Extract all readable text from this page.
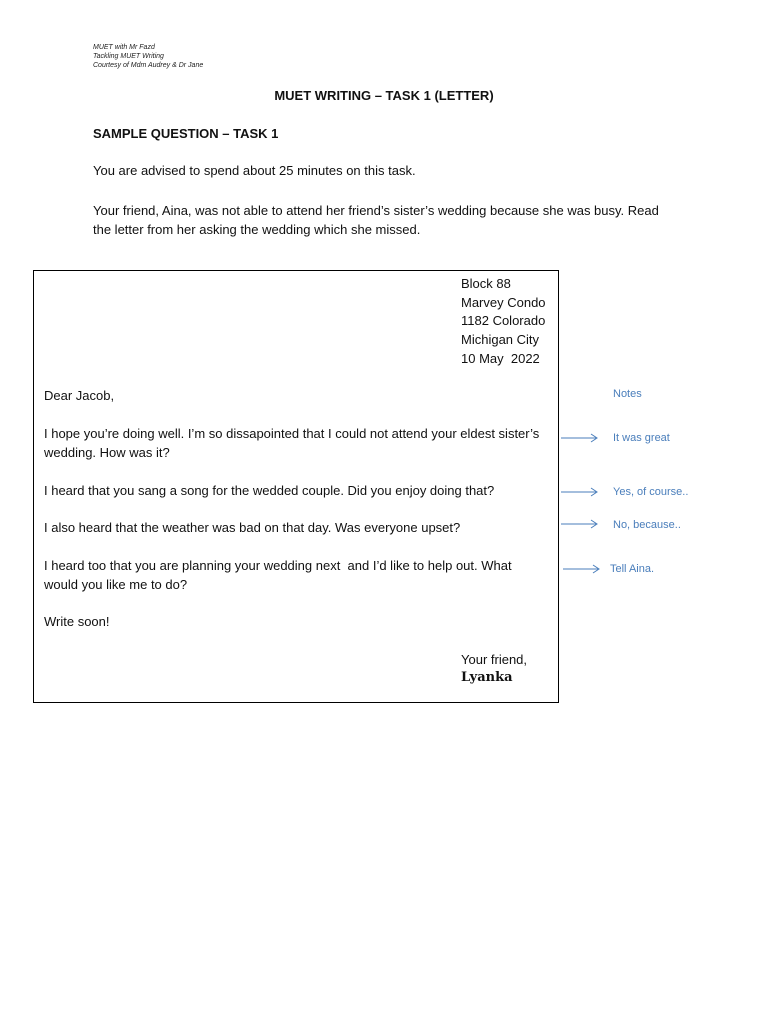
MUET with Mr Fazd
Tackling MUET Writing
Courtesy of Mdm Audrey & Dr Jane
MUET WRITING – TASK 1 (LETTER)
SAMPLE QUESTION – TASK 1
You are advised to spend about 25 minutes on this task.
Your friend, Aina, was not able to attend her friend’s sister’s wedding because she was busy. Read the letter from her asking the wedding which she missed.
Block 88
Marvey Condo
1182 Colorado
Michigan City
10 May  2022
Dear Jacob,
I hope you’re doing well. I’m so dissapointed that I could not attend your eldest sister’s
wedding. How was it?
I heard that you sang a song for the wedded couple. Did you enjoy doing that?
I also heard that the weather was bad on that day. Was everyone upset?
I heard too that you are planning your wedding next  and I’d like to help out. What
would you like me to do?
Write soon!
Your friend,
Lyanka
Notes
It was great
Yes, of course..
No, because..
Tell Aina.
